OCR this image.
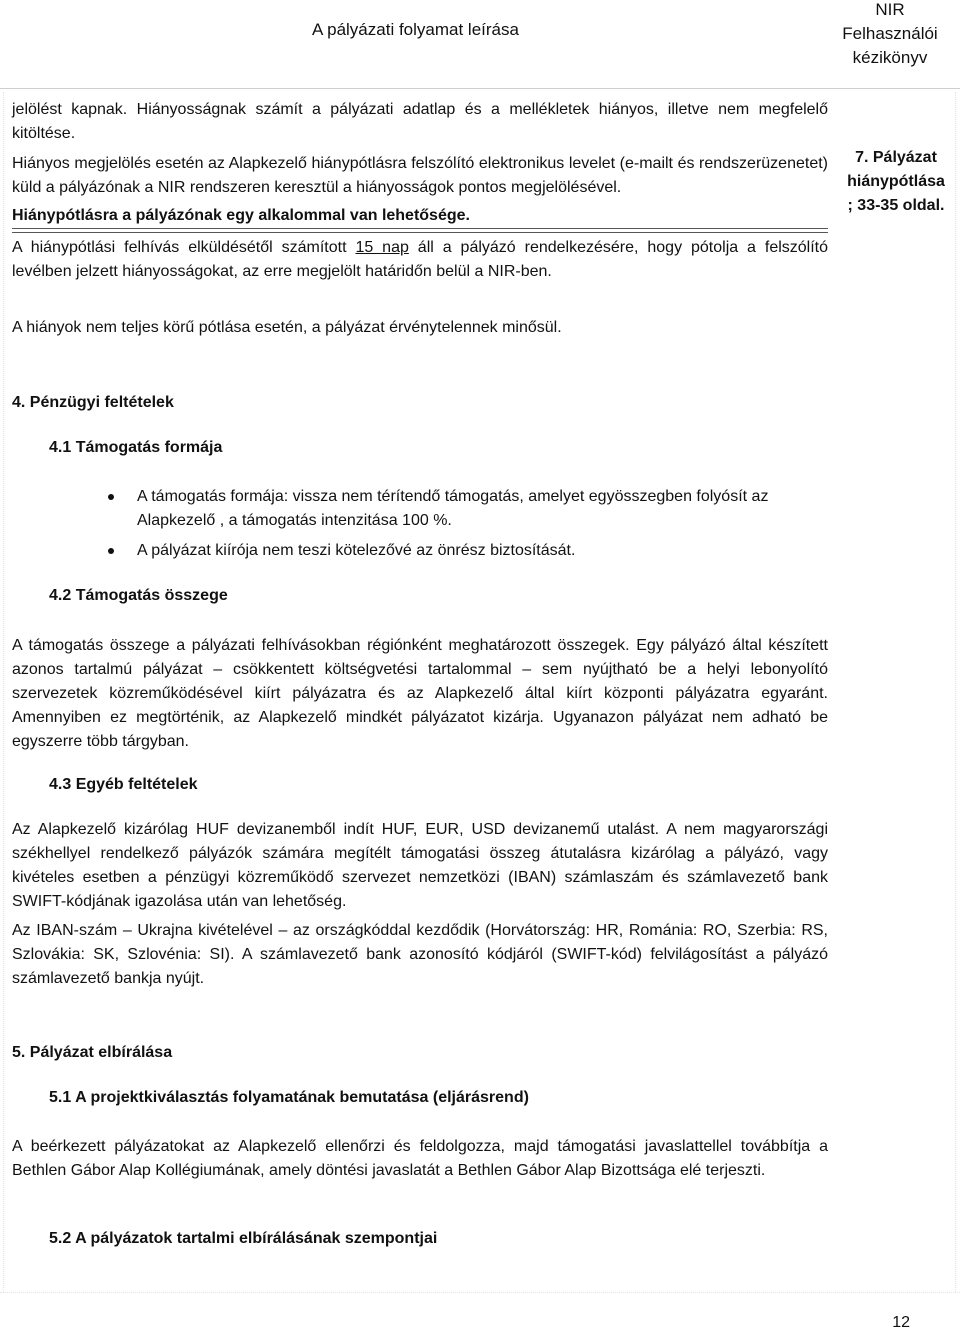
A pályázati folyamat leírása
NIR
Felhasználói
kézikönyv
7. Pályázat
hiánypótlása
; 33-35 oldal.

jelölést kapnak. Hiányosságnak számít a pályázati adatlap és a mellékletek hiányos, illetve nem megfelelő kitöltése.

Hiányos megjelölés esetén az Alapkezelő hiánypótlásra felszólító elektronikus levelet (e-mailt és rendszerüzenetet) küld a pályázónak a NIR rendszeren keresztül a hiányosságok pontos megjelölésével.

Hiánypótlásra a pályázónak egy alkalommal van lehetősége.

A hiánypótlási felhívás elküldésétől számított 15 nap áll a pályázó rendelkezésére, hogy pótolja a felszólító levélben jelzett hiányosságokat, az erre megjelölt határidőn belül a NIR-ben.

A hiányok nem teljes körű pótlása esetén, a pályázat érvénytelennek minősül.

4. Pénzügyi feltételek

4.1 Támogatás formája

A támogatás formája: vissza nem térítendő támogatás, amelyet egyösszegben folyósít az Alapkezelő , a támogatás intenzitása 100 %.
A pályázat kiírója nem teszi kötelezővé az önrész biztosítását.

4.2 Támogatás összege

A támogatás összege a pályázati felhívásokban régiónként meghatározott összegek. Egy pályázó által készített azonos tartalmú pályázat – csökkentett költségvetési tartalommal – sem nyújtható be a helyi lebonyolító szervezetek közreműködésével kiírt pályázatra és az Alapkezelő által kiírt központi pályázatra egyaránt. Amennyiben ez megtörténik, az Alapkezelő mindkét pályázatot kizárja. Ugyanazon pályázat nem adható be egyszerre több tárgyban.

4.3 Egyéb feltételek

Az Alapkezelő kizárólag HUF devizanemből indít HUF, EUR, USD devizanemű utalást. A nem magyarországi székhellyel rendelkező pályázók számára megítélt támogatási összeg átutalásra kizárólag a pályázó, vagy kivételes esetben a pénzügyi közreműködő szervezet nemzetközi (IBAN) számlaszám és számlavezető bank SWIFT-kódjának igazolása után van lehetőség.

Az IBAN-szám – Ukrajna kivételével – az országkóddal kezdődik (Horvátország: HR, Románia: RO, Szerbia: RS, Szlovákia: SK, Szlovénia: SI). A számlavezető bank azonosító kódjáról (SWIFT-kód) felvilágosítást a pályázó számlavezető bankja nyújt.

5. Pályázat elbírálása

5.1 A projektkiválasztás folyamatának bemutatása (eljárásrend)

A beérkezett pályázatokat az Alapkezelő ellenőrzi és feldolgozza, majd támogatási javaslattellel továbbítja a Bethlen Gábor Alap Kollégiumának, amely döntési javaslatát a Bethlen Gábor Alap Bizottsága elé terjeszti.

5.2 A pályázatok tartalmi elbírálásának szempontjai

12
